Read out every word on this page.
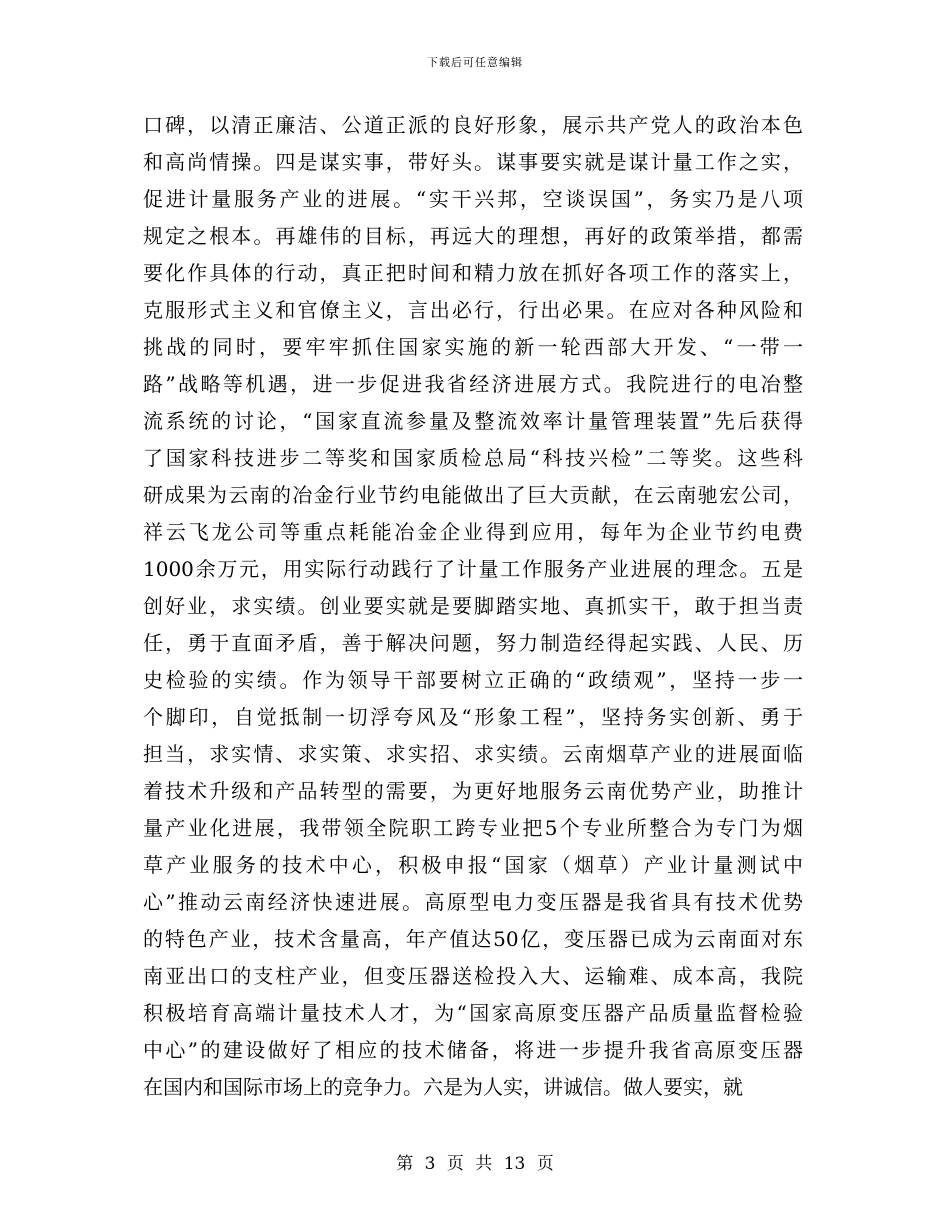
下载后可任意编辑
口碑，以清正廉洁、公道正派的良好形象，展示共产党人的政治本色
和高尚情操。四是谋实事，带好头。谋事要实就是谋计量工作之实，
促进计量服务产业的进展。“实干兴邦，空谈误国”，务实乃是八项
规定之根本。再雄伟的目标，再远大的理想，再好的政策举措，都需
要化作具体的行动，真正把时间和精力放在抓好各项工作的落实上，
克服形式主义和官僚主义，言出必行，行出必果。在应对各种风险和
挑战的同时，要牢牢抓住国家实施的新一轮西部大开发、“一带一
路”战略等机遇，进一步促进我省经济进展方式。我院进行的电冶整
流系统的讨论，“国家直流参量及整流效率计量管理装置”先后获得
了国家科技进步二等奖和国家质检总局“科技兴检”二等奖。这些科
研成果为云南的冶金行业节约电能做出了巨大贡献，在云南驰宏公司，
祥云飞龙公司等重点耗能冶金企业得到应用，每年为企业节约电费
1000余万元，用实际行动践行了计量工作服务产业进展的理念。五是
创好业，求实绩。创业要实就是要脚踏实地、真抓实干，敢于担当责
任，勇于直面矛盾，善于解决问题，努力制造经得起实践、人民、历
史检验的实绩。作为领导干部要树立正确的“政绩观”，坚持一步一
个脚印，自觉抵制一切浮夸风及“形象工程”，坚持务实创新、勇于
担当，求实情、求实策、求实招、求实绩。云南烟草产业的进展面临
着技术升级和产品转型的需要，为更好地服务云南优势产业，助推计
量产业化进展，我带领全院职工跨专业把5个专业所整合为专门为烟
草产业服务的技术中心，积极申报“国家（烟草）产业计量测试中
心”推动云南经济快速进展。高原型电力变压器是我省具有技术优势
的特色产业，技术含量高，年产值达50亿，变压器已成为云南面对东
南亚出口的支柱产业，但变压器送检投入大、运输难、成本高，我院
积极培育高端计量技术人才，为“国家高原变压器产品质量监督检验
中心”的建设做好了相应的技术储备，将进一步提升我省高原变压器
在国内和国际市场上的竞争力。六是为人实，讲诚信。做人要实，就
第 3 页 共 13 页
